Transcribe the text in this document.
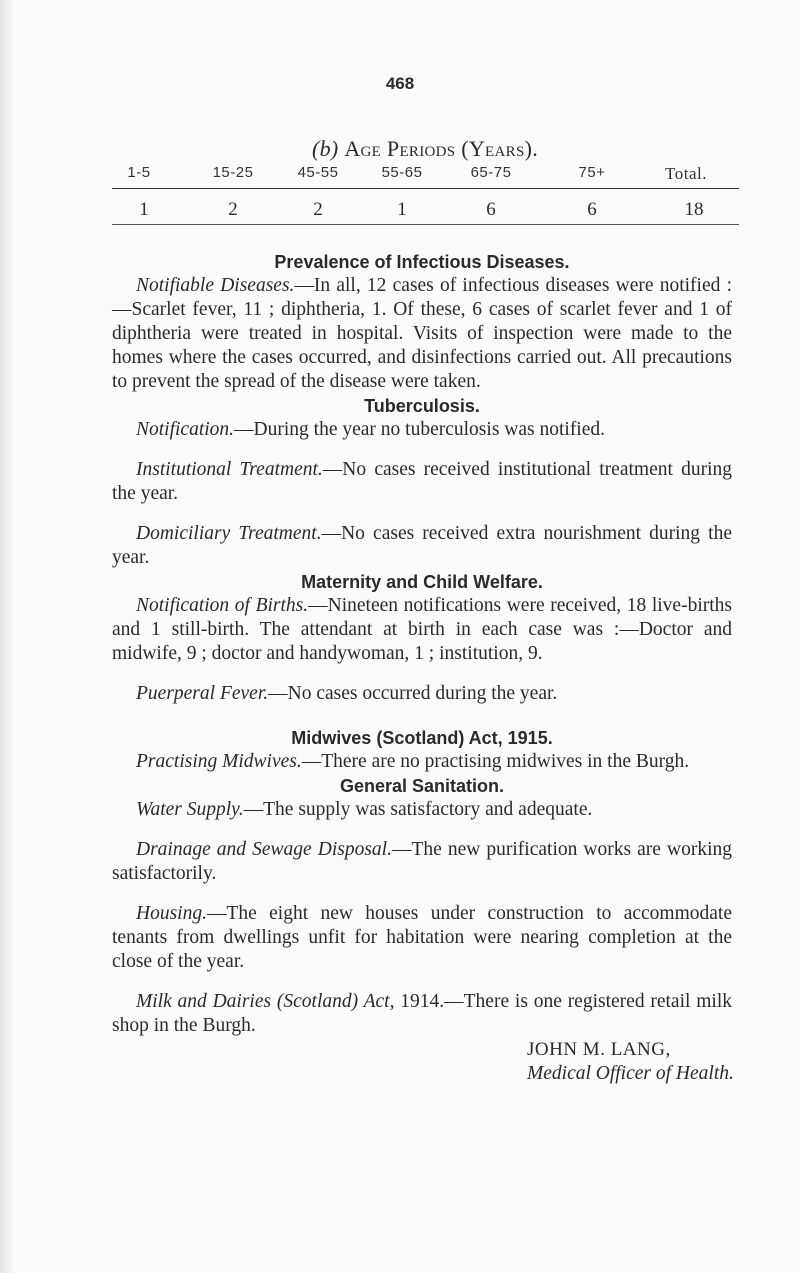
468
(b) Age Periods (Years).
1-5	15-25	45-55	55-65	65-75	75+	Total.
1	2	2	1	6	6	18
Prevalence of Infectious Diseases.

Notifiable Diseases.—In all, 12 cases of infectious diseases were notified :—Scarlet fever, 11 ; diphtheria, 1. Of these, 6 cases of scarlet fever and 1 of diphtheria were treated in hospital. Visits of inspection were made to the homes where the cases occurred, and disinfections carried out. All precautions to prevent the spread of the disease were taken.

Tuberculosis.

Notification.—During the year no tuberculosis was notified.

Institutional Treatment.—No cases received institutional treatment during the year.

Domiciliary Treatment.—No cases received extra nourishment during the year.

Maternity and Child Welfare.

Notification of Births.—Nineteen notifications were received, 18 live-births and 1 still-birth. The attendant at birth in each case was :—Doctor and midwife, 9 ; doctor and handywoman, 1 ; institution, 9.

Puerperal Fever.—No cases occurred during the year.

Midwives (Scotland) Act, 1915.

Practising Midwives.—There are no practising midwives in the Burgh.

General Sanitation.

Water Supply.—The supply was satisfactory and adequate.

Drainage and Sewage Disposal.—The new purification works are working satisfactorily.

Housing.—The eight new houses under construction to accommodate tenants from dwellings unfit for habitation were nearing completion at the close of the year.

Milk and Dairies (Scotland) Act, 1914.—There is one registered retail milk shop in the Burgh.

JOHN M. LANG,

Medical Officer of Health.
